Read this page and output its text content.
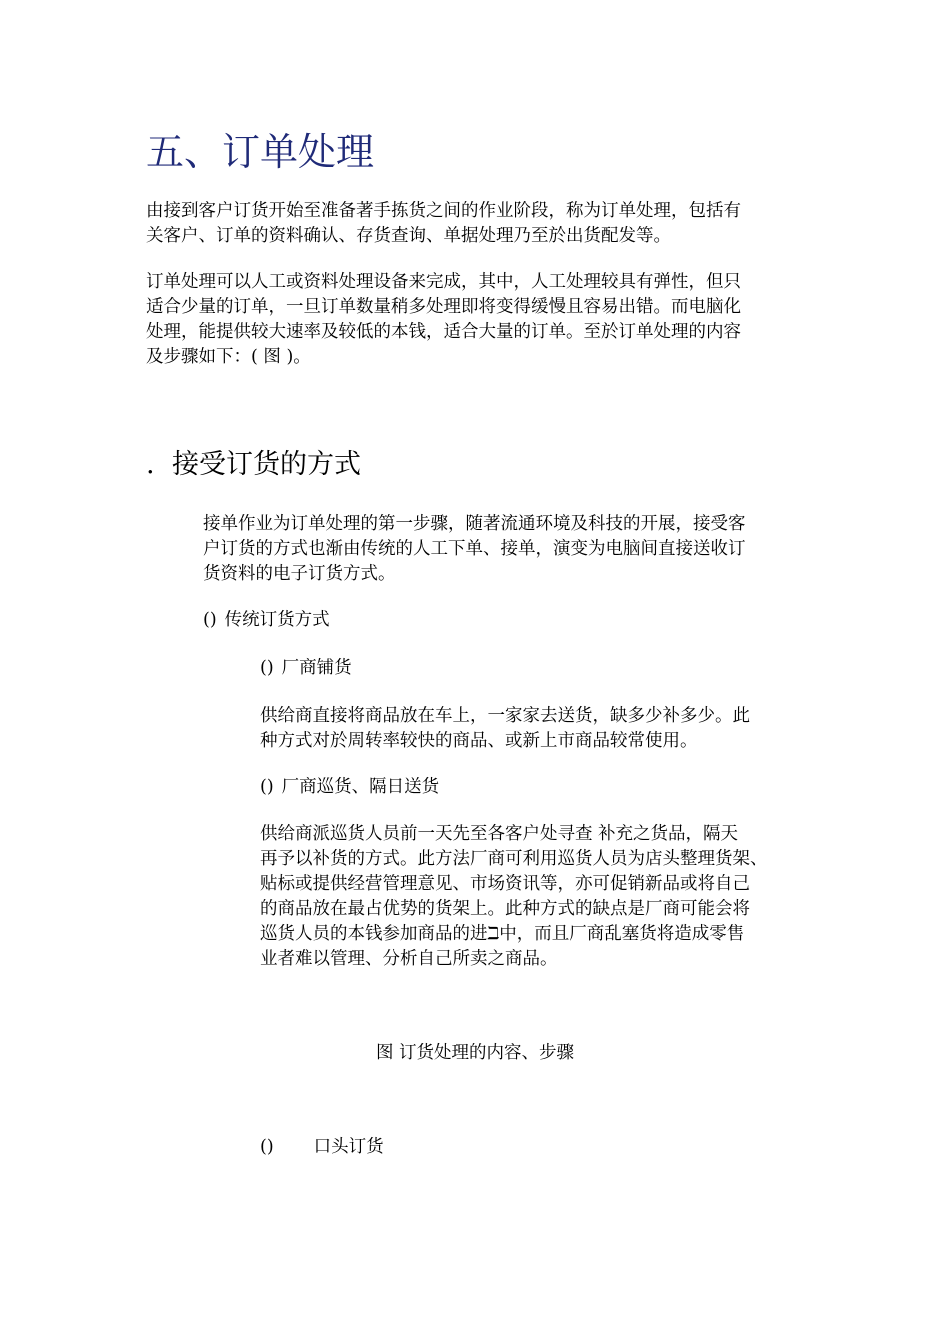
五、订单处理

由接到客户订货开始至准备著手拣货之间的作业阶段，称为订单处理，包括有
关客户、订单的资料确认、存货查询、单据处理乃至於出货配发等。

订单处理可以人工或资料处理设备来完成，其中，人工处理较具有弹性，但只
适合少量的订单，一旦订单数量稍多处理即将变得缓慢且容易出错。而电脑化
处理，能提供较大速率及较低的本钱，适合大量的订单。至於订单处理的内容
及步骤如下：( 图 )。

. 接受订货的方式

接单作业为订单处理的第一步骤，随著流通环境及科技的开展，接受客
户订货的方式也渐由传统的人工下单、接单，演变为电脑间直接送收订
货资料的电子订货方式。

() 传统订货方式
() 厂商铺货

供给商直接将商品放在车上，一家家去送货，缺多少补多少。此
种方式对於周转率较快的商品、或新上市商品较常使用。

() 厂商巡货、隔日送货

供给商派巡货人员前一天先至各客户处寻查 补充之货品，隔天
再予以补货的方式。此方法厂商可利用巡货人员为店头整理货架、
贴标或提供经营管理意见、市场资讯等，亦可促销新品或将自己
的商品放在最占优势的货架上。此种方式的缺点是厂商可能会将
巡货人员的本钱参加商品的进ℶ中，而且厂商乱塞货将造成零售
业者难以管理、分析自己所卖之商品。

图 订货处理的内容、步骤
() 口头订货
